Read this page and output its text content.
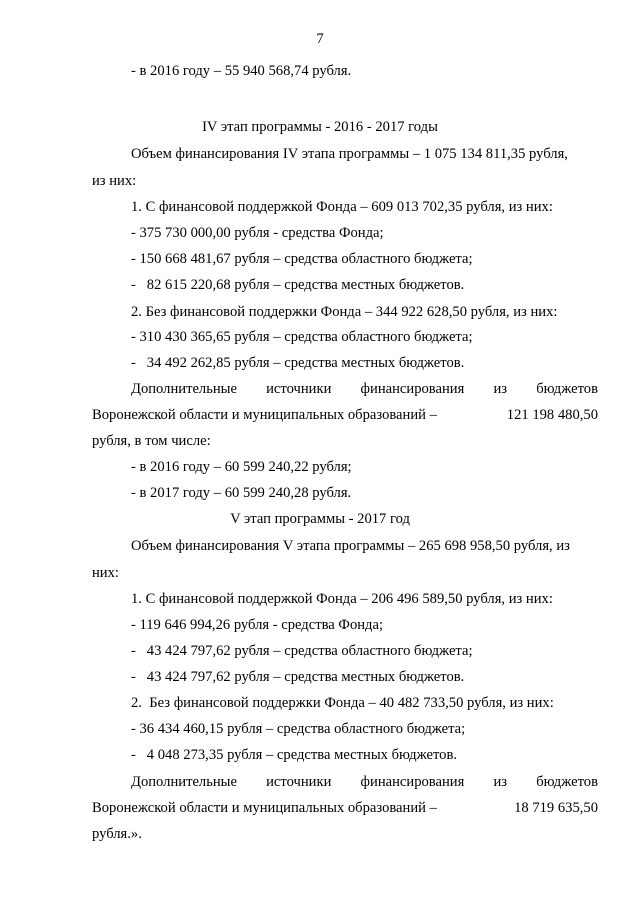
7
- в 2016 году – 55 940 568,74 рубля.
IV этап программы - 2016 - 2017 годы
Объем финансирования IV этапа программы – 1 075 134 811,35 рубля,
из них:
1. С финансовой поддержкой Фонда – 609 013 702,35 рубля, из них:
- 375 730 000,00 рубля - средства Фонда;
- 150 668 481,67 рубля – средства областного бюджета;
-   82 615 220,68 рубля – средства местных бюджетов.
2. Без финансовой поддержки Фонда – 344 922 628,50 рубля, из них:
- 310 430 365,65 рубля – средства областного бюджета;
-   34 492 262,85 рубля – средства местных бюджетов.
Дополнительные источники финансирования из бюджетов
Воронежской области и муниципальных образований –	121 198 480,50
рубля, в том числе:
- в 2016 году – 60 599 240,22 рубля;
- в 2017 году – 60 599 240,28 рубля.
V этап программы - 2017 год
Объем финансирования V этапа программы – 265 698 958,50 рубля, из
них:
1. С финансовой поддержкой Фонда – 206 496 589,50 рубля, из них:
- 119 646 994,26 рубля - средства Фонда;
-   43 424 797,62 рубля – средства областного бюджета;
-   43 424 797,62 рубля – средства местных бюджетов.
2.  Без финансовой поддержки Фонда – 40 482 733,50 рубля, из них:
- 36 434 460,15 рубля – средства областного бюджета;
-   4 048 273,35 рубля – средства местных бюджетов.
Дополнительные источники финансирования из бюджетов
Воронежской области и муниципальных образований –	18 719 635,50
рубля.».
